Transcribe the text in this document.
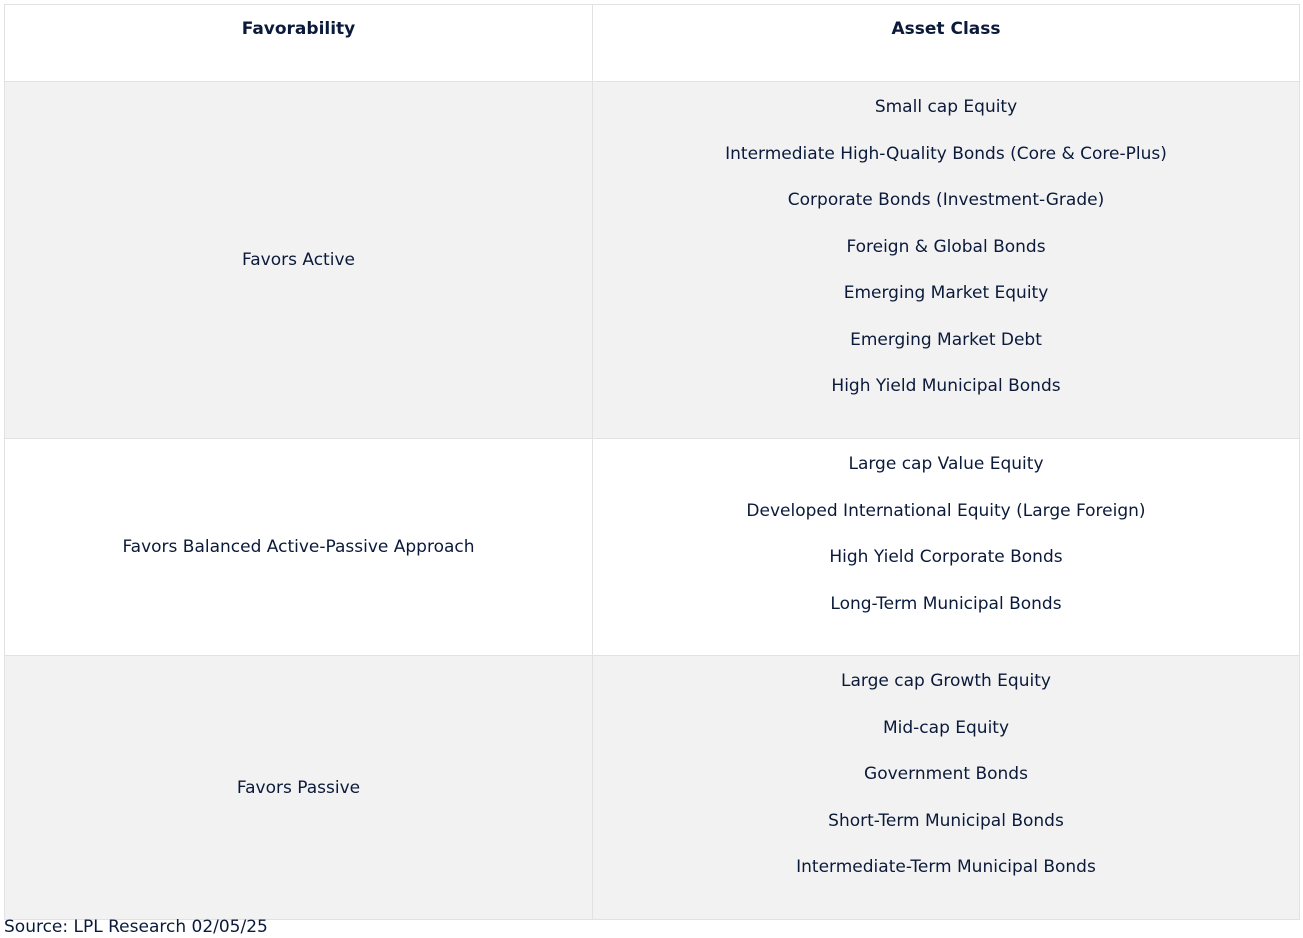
Favorability	Asset Class
Favors Active
Small cap Equity
Intermediate High-Quality Bonds (Core & Core-Plus)
Corporate Bonds (Investment-Grade)
Foreign & Global Bonds
Emerging Market Equity
Emerging Market Debt
High Yield Municipal Bonds
Favors Balanced Active-Passive Approach
Large cap Value Equity
Developed International Equity (Large Foreign)
High Yield Corporate Bonds
Long-Term Municipal Bonds
Favors Passive
Large cap Growth Equity
Mid-cap Equity
Government Bonds
Short-Term Municipal Bonds
Intermediate-Term Municipal Bonds
Source: LPL Research 02/05/25
